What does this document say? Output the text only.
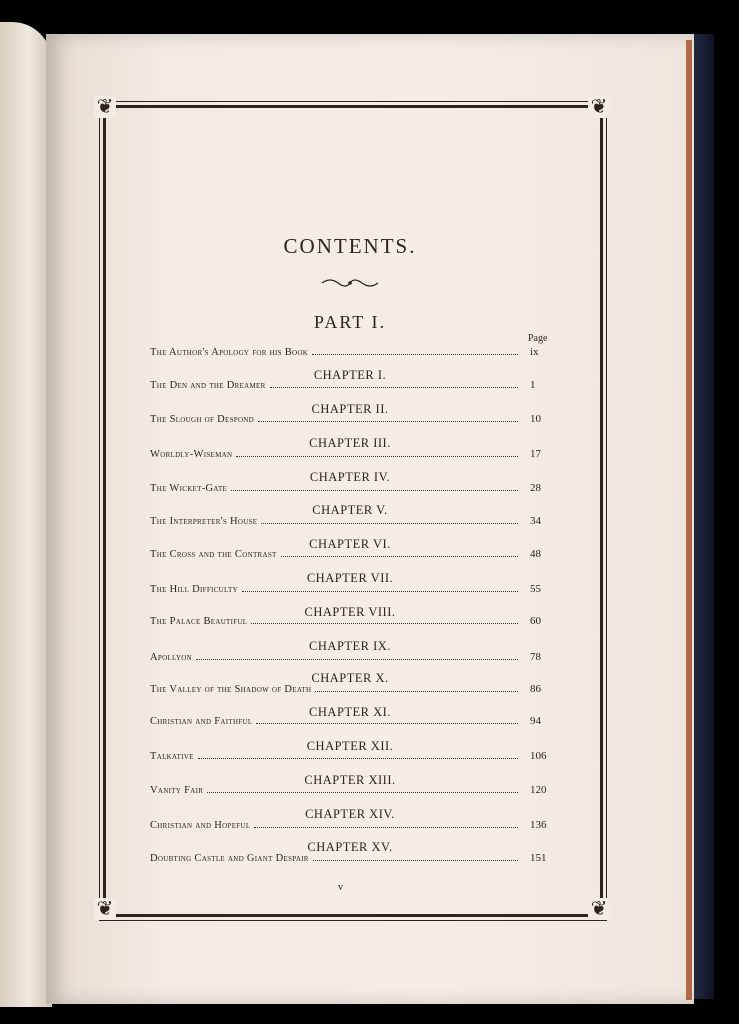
❦	❦
❦	❦
CONTENTS.
PART I.
Page
The Author's Apology for his Book	ix
CHAPTER I.
The Den and the Dreamer	1
CHAPTER II.
The Slough of Despond	10
CHAPTER III.
Worldly-Wiseman	17
CHAPTER IV.
The Wicket-Gate	28
CHAPTER V.
The Interpreter's House	34
CHAPTER VI.
The Cross and the Contrast	48
CHAPTER VII.
The Hill Difficulty	55
CHAPTER VIII.
The Palace Beautiful	60
CHAPTER IX.
Apollyon	78
CHAPTER X.
The Valley of the Shadow of Death	86
CHAPTER XI.
Christian and Faithful	94
CHAPTER XII.
Talkative	106
CHAPTER XIII.
Vanity Fair	120
CHAPTER XIV.
Christian and Hopeful	136
CHAPTER XV.
Doubting Castle and Giant Despair	151
v
